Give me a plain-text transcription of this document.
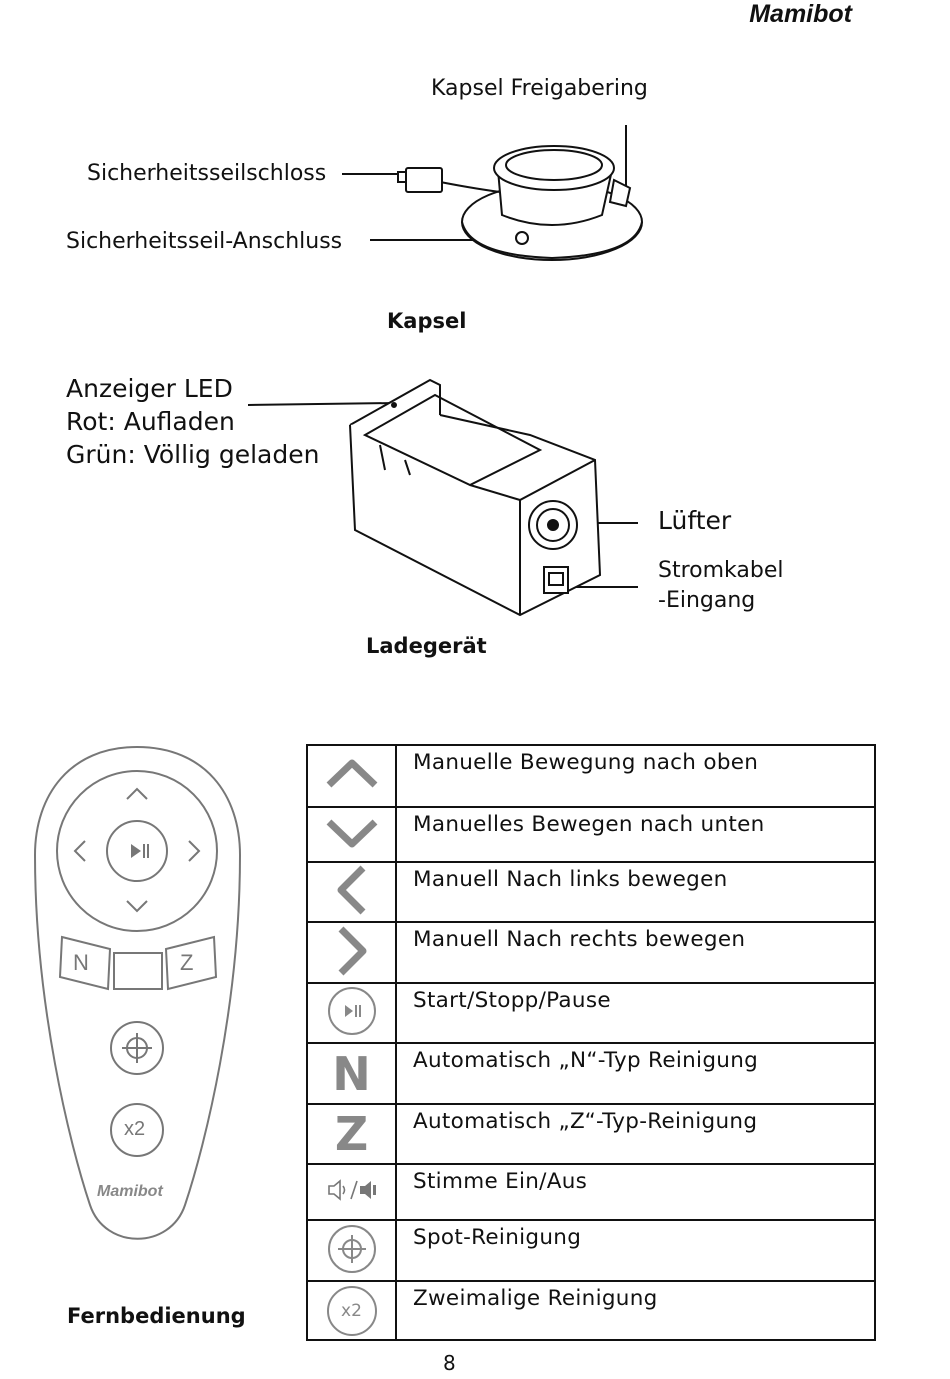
Mamibot
Kapsel Freigabering
Sicherheitsseilschloss
Sicherheitsseil-Anschluss
Kapsel
Anzeiger LED
Rot: Aufladen
Grün: Völlig geladen
Lüfter
Stromkabel
-Eingang
Ladegerät
N	Z
x2
Mamibot
Fernbedienung
	Manuelle Bewegung nach oben
	Manuelles Bewegen nach unten
	Manuell Nach links bewegen
	Manuell Nach rechts bewegen
	Start/Stopp/Pause
N	Automatisch „N“-Typ Reinigung
Z	Automatisch „Z“-Typ-Reinigung
	Stimme Ein/Aus
	Spot-Reinigung
x2	Zweimalige Reinigung
8
